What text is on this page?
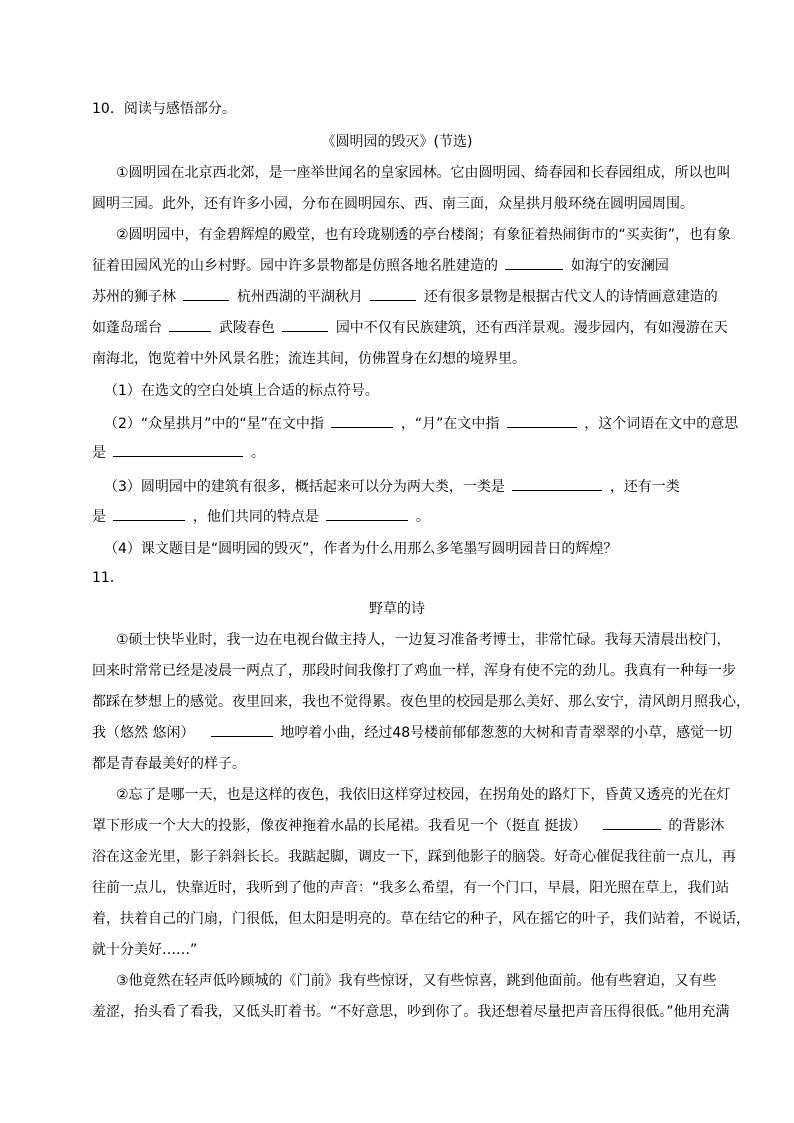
10．阅读与感悟部分。
《圆明园的毁灭》(节选)
①圆明园在北京西北郊，是一座举世闻名的皇家园林。它由圆明园、绮春园和长春园组成，所以也叫
圆明三园。此外，还有许多小园，分布在圆明园东、西、南三面，众星拱月般环绕在圆明园周围。
②圆明园中，有金碧辉煌的殿堂，也有玲珑剔透的亭台楼阁；有象征着热闹街市的“买卖街”，也有象
征着田园风光的山乡村野。园中许多景物都是仿照各地名胜建造的	如海宁的安澜园
苏州的狮子林	杭州西湖的平湖秋月	还有很多景物是根据古代文人的诗情画意建造的
如蓬岛瑶台	武陵春色	园中不仅有民族建筑，还有西洋景观。漫步园内，有如漫游在天
南海北，饱览着中外风景名胜；流连其间，仿佛置身在幻想的境界里。
（1）在选文的空白处填上合适的标点符号。
（2）“众星拱月”中的“星”在文中指	，“月”在文中指	，这个词语在文中的意思
是	。
（3）圆明园中的建筑有很多，概括起来可以分为两大类，一类是	，还有一类
是	，他们共同的特点是	。
（4）课文题目是“圆明园的毁灭”，作者为什么用那么多笔墨写圆明园昔日的辉煌？
11．
野草的诗
①硕士快毕业时，我一边在电视台做主持人，一边复习准备考博士，非常忙碌。我每天清晨出校门，
回来时常常已经是凌晨一两点了，那段时间我像打了鸡血一样，浑身有使不完的劲儿。我真有一种每一步
都踩在梦想上的感觉。夜里回来，我也不觉得累。夜色里的校园是那么美好、那么安宁，清风朗月照我心，
我（悠然 悠闲）	地哼着小曲，经过48号楼前郁郁葱葱的大树和青青翠翠的小草，感觉一切
都是青春最美好的样子。
②忘了是哪一天，也是这样的夜色，我依旧这样穿过校园，在拐角处的路灯下，昏黄又透亮的光在灯
罩下形成一个大大的投影，像夜神拖着水晶的长尾裙。我看见一个（挺直 挺拔）	的背影沐
浴在这金光里，影子斜斜长长。我踮起脚，调皮一下，踩到他影子的脑袋。好奇心催促我往前一点儿，再
往前一点儿，快靠近时，我听到了他的声音：“我多么希望，有一个门口，早晨，阳光照在草上，我们站
着，扶着自己的门扇，门很低，但太阳是明亮的。草在结它的种子，风在摇它的叶子，我们站着，不说话，
就十分美好……”
③他竟然在轻声低吟顾城的《门前》我有些惊讶，又有些惊喜，跳到他面前。他有些窘迫，又有些
羞涩，抬头看了看我，又低头盯着书。“不好意思，吵到你了。我还想着尽量把声音压得很低。”他用充满
